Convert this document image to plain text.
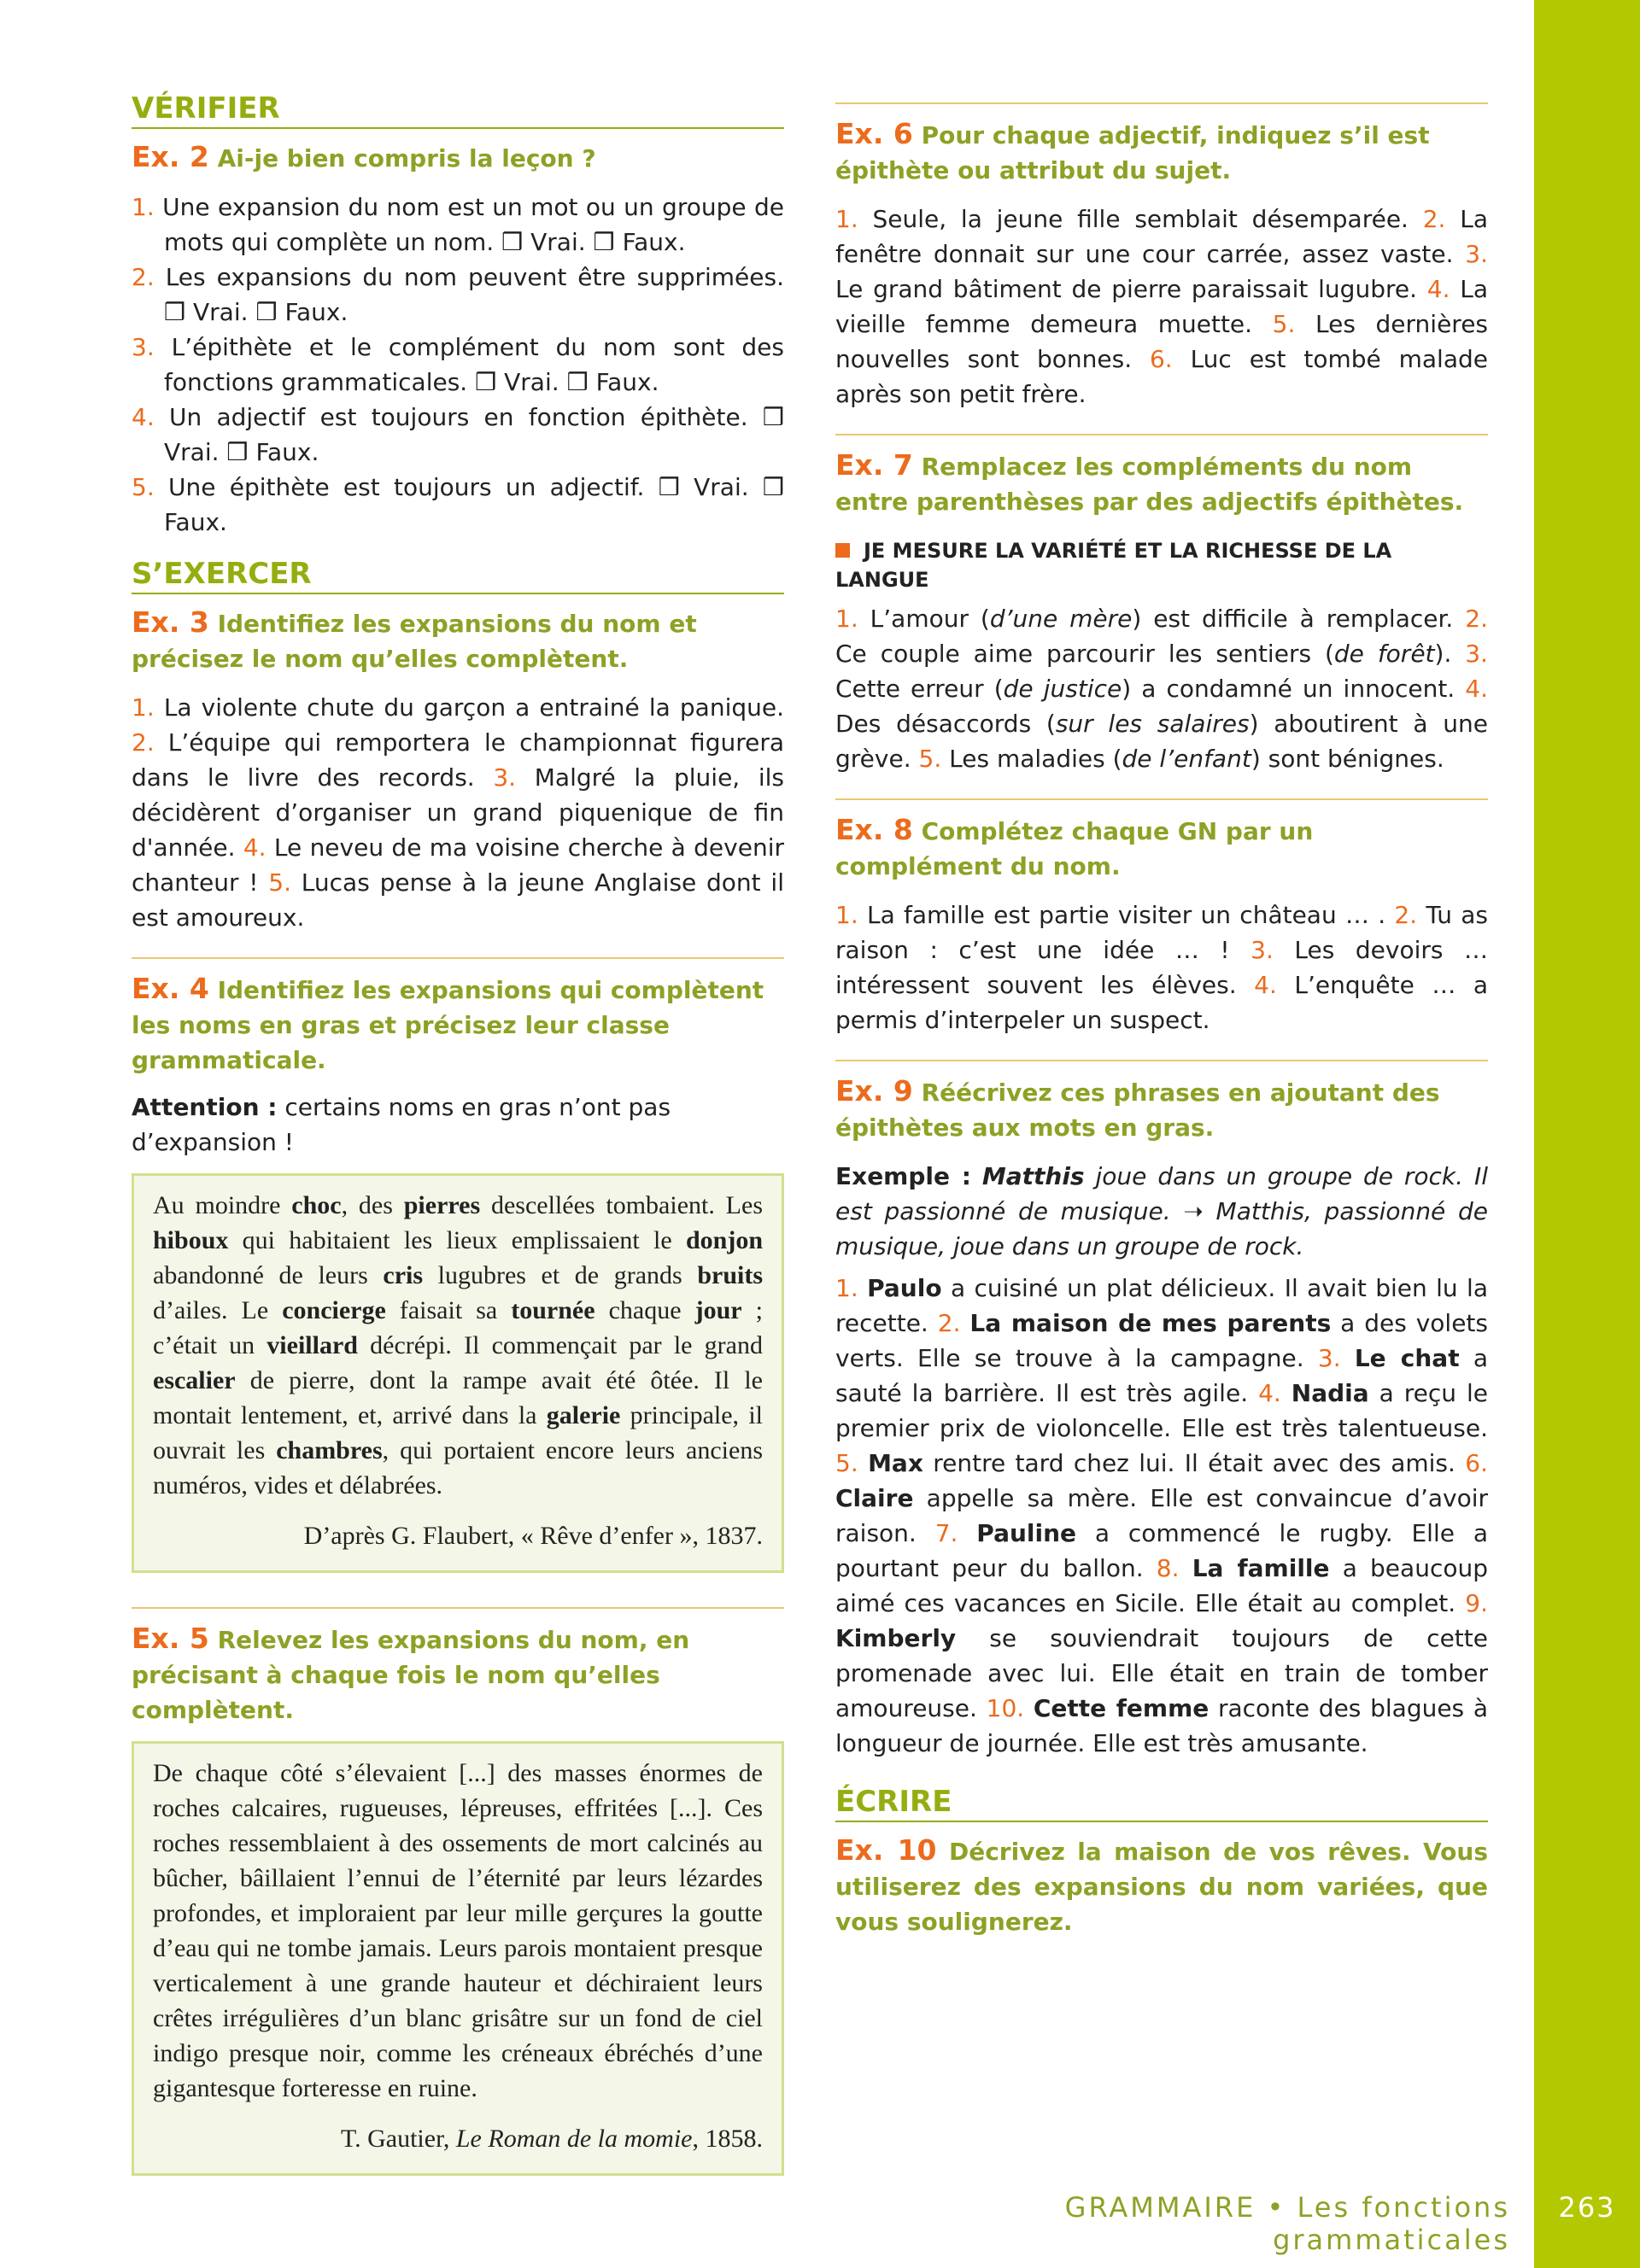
VÉRIFIER

Ex. 2 Ai-je bien compris la leçon ?

1. Une expansion du nom est un mot ou un groupe de mots qui complète un nom. ❒ Vrai. ❒ Faux.
2. Les expansions du nom peuvent être supprimées. ❒ Vrai. ❒ Faux.
3. L’épithète et le complément du nom sont des fonctions grammaticales. ❒ Vrai. ❒ Faux.
4. Un adjectif est toujours en fonction épithète. ❒ Vrai. ❒ Faux.
5. Une épithète est toujours un adjectif. ❒ Vrai. ❒ Faux.
S’EXERCER

Ex. 3 Identifiez les expansions du nom et précisez le nom qu’elles complètent.

1. La violente chute du garçon a entrainé la panique. 2. L’équipe qui remportera le championnat figurera dans le livre des records. 3. Malgré la pluie, ils décidèrent d’organiser un grand piquenique de fin d'année. 4. Le neveu de ma voisine cherche à devenir chanteur ! 5. Lucas pense à la jeune Anglaise dont il est amoureux.

Ex. 4 Identifiez les expansions qui complètent les noms en gras et précisez leur classe grammaticale.

Attention : certains noms en gras n’ont pas d’expansion !

Au moindre choc, des pierres descellées tombaient. Les hiboux qui habitaient les lieux emplissaient le donjon abandonné de leurs cris lugubres et de grands bruits d’ailes. Le concierge faisait sa tournée chaque jour ; c’était un vieillard décrépi. Il commençait par le grand escalier de pierre, dont la rampe avait été ôtée. Il le montait lentement, et, arrivé dans la galerie principale, il ouvrait les chambres, qui portaient encore leurs anciens numéros, vides et délabrées.

D’après G. Flaubert, « Rêve d’enfer », 1837.

Ex. 5 Relevez les expansions du nom, en précisant à chaque fois le nom qu’elles complètent.

De chaque côté s’élevaient [...] des masses énormes de roches calcaires, rugueuses, lépreuses, effritées [...]. Ces roches ressemblaient à des ossements de mort calcinés au bûcher, bâillaient l’ennui de l’éternité par leurs lézardes profondes, et imploraient par leur mille gerçures la goutte d’eau qui ne tombe jamais. Leurs parois montaient presque verticalement à une grande hauteur et déchiraient leurs crêtes irrégulières d’un blanc grisâtre sur un fond de ciel indigo presque noir, comme les créneaux ébréchés d’une gigantesque forteresse en ruine.

T. Gautier, Le Roman de la momie, 1858.

Ex. 6 Pour chaque adjectif, indiquez s’il est épithète ou attribut du sujet.

1. Seule, la jeune fille semblait désemparée. 2. La fenêtre donnait sur une cour carrée, assez vaste. 3. Le grand bâtiment de pierre paraissait lugubre. 4. La vieille femme demeura muette. 5. Les dernières nouvelles sont bonnes. 6. Luc est tombé malade après son petit frère.

Ex. 7 Remplacez les compléments du nom entre parenthèses par des adjectifs épithètes.

JE MESURE LA VARIÉTÉ ET LA RICHESSE DE LA LANGUE

1. L’amour (d’une mère) est difficile à remplacer. 2. Ce couple aime parcourir les sentiers (de forêt). 3. Cette erreur (de justice) a condamné un innocent. 4. Des désaccords (sur les salaires) aboutirent à une grève. 5. Les maladies (de l’enfant) sont bénignes.

Ex. 8 Complétez chaque GN par un complément du nom.

1. La famille est partie visiter un château … . 2. Tu as raison : c’est une idée … ! 3. Les devoirs … intéressent souvent les élèves. 4. L’enquête … a permis d’interpeler un suspect.

Ex. 9 Réécrivez ces phrases en ajoutant des épithètes aux mots en gras.

Exemple : Matthis joue dans un groupe de rock. Il est passionné de musique. ➝ Matthis, passionné de musique, joue dans un groupe de rock.

1. Paulo a cuisiné un plat délicieux. Il avait bien lu la recette. 2. La maison de mes parents a des volets verts. Elle se trouve à la campagne. 3. Le chat a sauté la barrière. Il est très agile. 4. Nadia a reçu le premier prix de violoncelle. Elle est très talentueuse. 5. Max rentre tard chez lui. Il était avec des amis. 6. Claire appelle sa mère. Elle est convaincue d’avoir raison. 7. Pauline a commencé le rugby. Elle a pourtant peur du ballon. 8. La famille a beaucoup aimé ces vacances en Sicile. Elle était au complet. 9. Kimberly se souviendrait toujours de cette promenade avec lui. Elle était en train de tomber amoureuse. 10. Cette femme raconte des blagues à longueur de journée. Elle est très amusante.

ÉCRIRE

Ex. 10 Décrivez la maison de vos rêves. Vous utiliserez des expansions du nom variées, que vous soulignerez.

GRAMMAIRE • Les fonctions grammaticales
263
